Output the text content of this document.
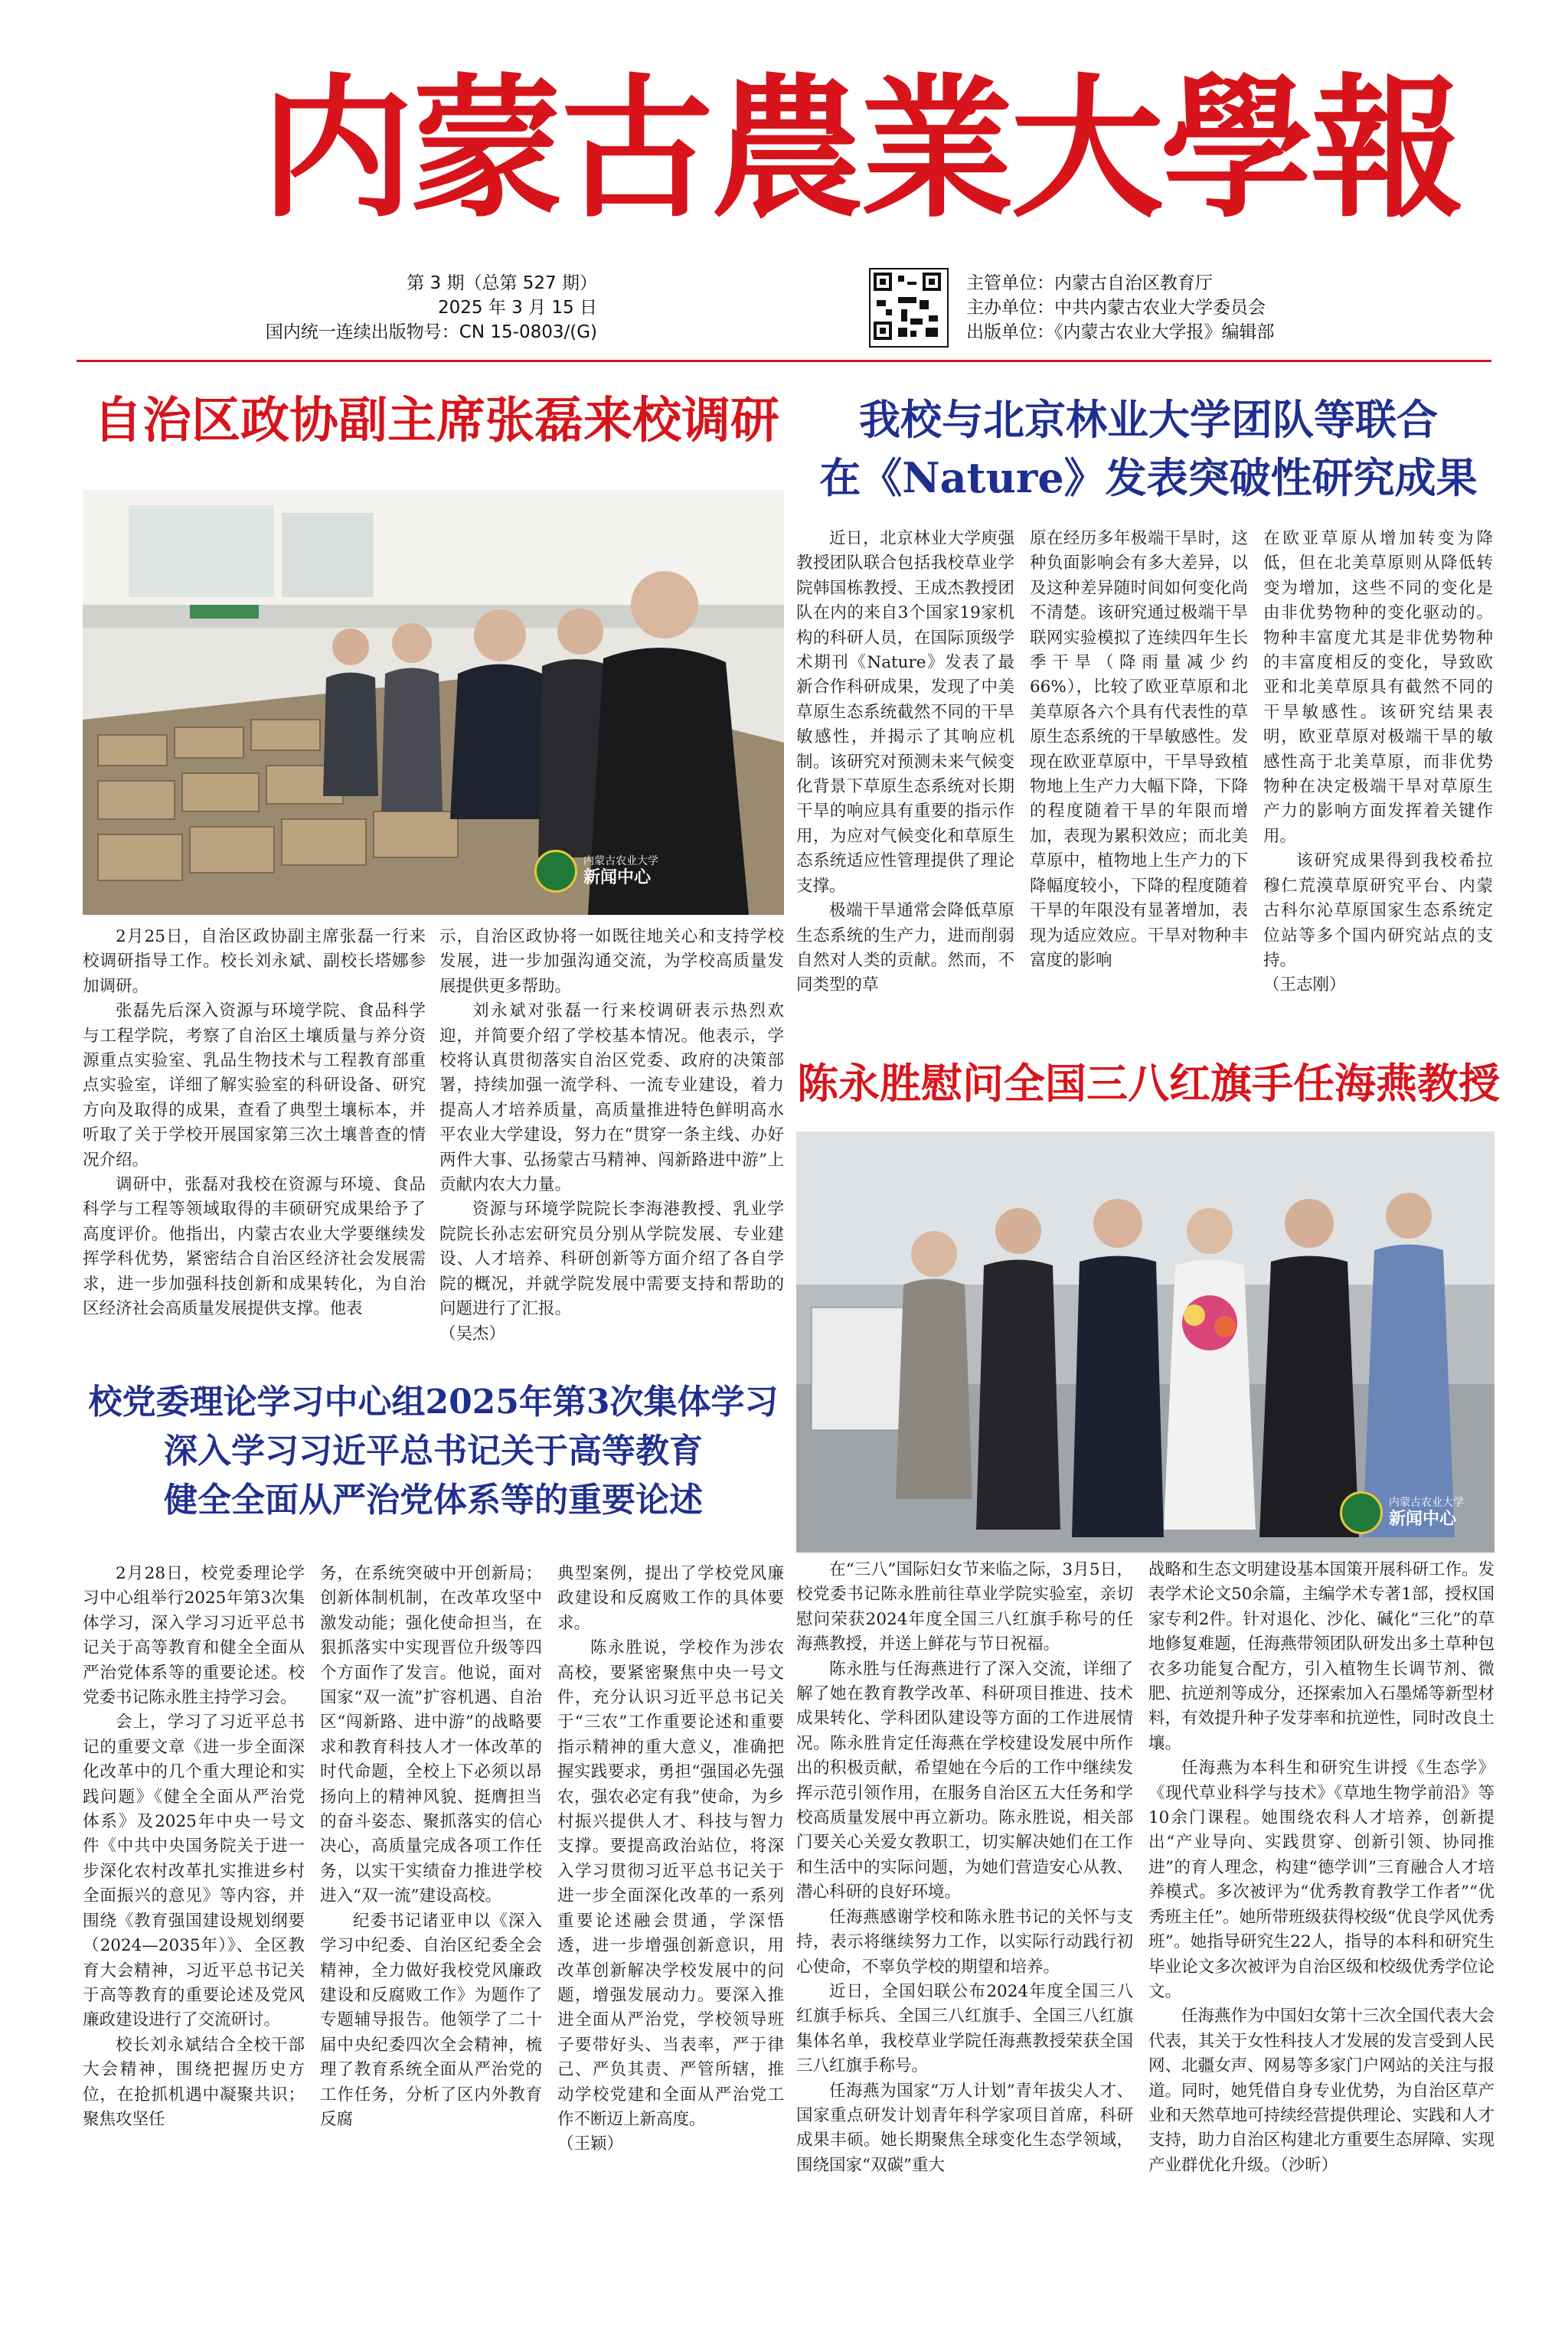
内蒙古農業大學報
第 3 期（总第 527 期）
2025 年 3 月 15 日
国内统一连续出版物号：CN 15-0803/(G)
主管单位：内蒙古自治区教育厅
主办单位：中共内蒙古农业大学委员会
出版单位：《内蒙古农业大学报》编辑部
自治区政协副主席张磊来校调研
内蒙古农业大学
新闻中心

2月25日，自治区政协副主席张磊一行来校调研指导工作。校长刘永斌、副校长塔娜参加调研。

张磊先后深入资源与环境学院、食品科学与工程学院，考察了自治区土壤质量与养分资源重点实验室、乳品生物技术与工程教育部重点实验室，详细了解实验室的科研设备、研究方向及取得的成果，查看了典型土壤标本，并听取了关于学校开展国家第三次土壤普查的情况介绍。

调研中，张磊对我校在资源与环境、食品科学与工程等领域取得的丰硕研究成果给予了高度评价。他指出，内蒙古农业大学要继续发挥学科优势，紧密结合自治区经济社会发展需求，进一步加强科技创新和成果转化，为自治区经济社会高质量发展提供支撑。他表

示，自治区政协将一如既往地关心和支持学校发展，进一步加强沟通交流，为学校高质量发展提供更多帮助。

刘永斌对张磊一行来校调研表示热烈欢迎，并简要介绍了学校基本情况。他表示，学校将认真贯彻落实自治区党委、政府的决策部署，持续加强一流学科、一流专业建设，着力提高人才培养质量，高质量推进特色鲜明高水平农业大学建设，努力在“贯穿一条主线、办好两件大事、弘扬蒙古马精神、闯新路进中游”上贡献内农大力量。

资源与环境学院院长李海港教授、乳业学院院长孙志宏研究员分别从学院发展、专业建设、人才培养、科研创新等方面介绍了各自学院的概况，并就学院发展中需要支持和帮助的问题进行了汇报。

（吴杰）

我校与北京林业大学团队等联合
在《Nature》发表突破性研究成果

近日，北京林业大学庾强教授团队联合包括我校草业学院韩国栋教授、王成杰教授团队在内的来自3个国家19家机构的科研人员，在国际顶级学术期刊《Nature》发表了最新合作科研成果，发现了中美草原生态系统截然不同的干旱敏感性，并揭示了其响应机制。该研究对预测未来气候变化背景下草原生态系统对长期干旱的响应具有重要的指示作用，为应对气候变化和草原生态系统适应性管理提供了理论支撑。

极端干旱通常会降低草原生态系统的生产力，进而削弱自然对人类的贡献。然而，不同类型的草

原在经历多年极端干旱时，这种负面影响会有多大差异，以及这种差异随时间如何变化尚不清楚。该研究通过极端干旱联网实验模拟了连续四年生长季干旱（降雨量减少约66%），比较了欧亚草原和北美草原各六个具有代表性的草原生态系统的干旱敏感性。发现在欧亚草原中，干旱导致植物地上生产力大幅下降，下降的程度随着干旱的年限而增加，表现为累积效应；而北美草原中，植物地上生产力的下降幅度较小，下降的程度随着干旱的年限没有显著增加，表现为适应效应。干旱对物种丰富度的影响

在欧亚草原从增加转变为降低，但在北美草原则从降低转变为增加，这些不同的变化是由非优势物种的变化驱动的。物种丰富度尤其是非优势物种的丰富度相反的变化，导致欧亚和北美草原具有截然不同的干旱敏感性。该研究结果表明，欧亚草原对极端干旱的敏感性高于北美草原，而非优势物种在决定极端干旱对草原生产力的影响方面发挥着关键作用。

该研究成果得到我校希拉穆仁荒漠草原研究平台、内蒙古科尔沁草原国家生态系统定位站等多个国内研究站点的支持。

（王志刚）

陈永胜慰问全国三八红旗手任海燕教授
内蒙古农业大学
新闻中心

在“三八”国际妇女节来临之际，3月5日，校党委书记陈永胜前往草业学院实验室，亲切慰问荣获2024年度全国三八红旗手称号的任海燕教授，并送上鲜花与节日祝福。

陈永胜与任海燕进行了深入交流，详细了解了她在教育教学改革、科研项目推进、技术成果转化、学科团队建设等方面的工作进展情况。陈永胜肯定任海燕在学校建设发展中所作出的积极贡献，希望她在今后的工作中继续发挥示范引领作用，在服务自治区五大任务和学校高质量发展中再立新功。陈永胜说，相关部门要关心关爱女教职工，切实解决她们在工作和生活中的实际问题，为她们营造安心从教、潜心科研的良好环境。

任海燕感谢学校和陈永胜书记的关怀与支持，表示将继续努力工作，以实际行动践行初心使命，不辜负学校的期望和培养。

近日，全国妇联公布2024年度全国三八红旗手标兵、全国三八红旗手、全国三八红旗集体名单，我校草业学院任海燕教授荣获全国三八红旗手称号。

任海燕为国家“万人计划”青年拔尖人才、国家重点研发计划青年科学家项目首席，科研成果丰硕。她长期聚焦全球变化生态学领域，围绕国家“双碳”重大

战略和生态文明建设基本国策开展科研工作。发表学术论文50余篇，主编学术专著1部，授权国家专利2件。针对退化、沙化、碱化“三化”的草地修复难题，任海燕带领团队研发出多土草种包衣多功能复合配方，引入植物生长调节剂、微肥、抗逆剂等成分，还探索加入石墨烯等新型材料，有效提升种子发芽率和抗逆性，同时改良土壤。

任海燕为本科生和研究生讲授《生态学》《现代草业科学与技术》《草地生物学前沿》等10余门课程。她围绕农科人才培养，创新提出“产业导向、实践贯穿、创新引领、协同推进”的育人理念，构建“德学训”三育融合人才培养模式。多次被评为“优秀教育教学工作者”“优秀班主任”。她所带班级获得校级“优良学风优秀班”。她指导研究生22人，指导的本科和研究生毕业论文多次被评为自治区级和校级优秀学位论文。

任海燕作为中国妇女第十三次全国代表大会代表，其关于女性科技人才发展的发言受到人民网、北疆女声、网易等多家门户网站的关注与报道。同时，她凭借自身专业优势，为自治区草产业和天然草地可持续经营提供理论、实践和人才支持，助力自治区构建北方重要生态屏障、实现产业群优化升级。（沙昕）

校党委理论学习中心组2025年第3次集体学习
深入学习习近平总书记关于高等教育
健全全面从严治党体系等的重要论述

2月28日，校党委理论学习中心组举行2025年第3次集体学习，深入学习习近平总书记关于高等教育和健全全面从严治党体系等的重要论述。校党委书记陈永胜主持学习会。

会上，学习了习近平总书记的重要文章《进一步全面深化改革中的几个重大理论和实践问题》《健全全面从严治党体系》及2025年中央一号文件《中共中央国务院关于进一步深化农村改革扎实推进乡村全面振兴的意见》等内容，并围绕《教育强国建设规划纲要（2024—2035年）》、全区教育大会精神，习近平总书记关于高等教育的重要论述及党风廉政建设进行了交流研讨。

校长刘永斌结合全校干部大会精神，围绕把握历史方位，在抢抓机遇中凝聚共识；聚焦攻坚任

务，在系统突破中开创新局；创新体制机制，在改革攻坚中激发动能；强化使命担当，在狠抓落实中实现晋位升级等四个方面作了发言。他说，面对国家“双一流”扩容机遇、自治区“闯新路、进中游”的战略要求和教育科技人才一体改革的时代命题，全校上下必须以昂扬向上的精神风貌、挺膺担当的奋斗姿态、聚抓落实的信心决心，高质量完成各项工作任务，以实干实绩奋力推进学校进入“双一流”建设高校。

纪委书记诸亚申以《深入学习中纪委、自治区纪委全会精神，全力做好我校党风廉政建设和反腐败工作》为题作了专题辅导报告。他领学了二十届中央纪委四次全会精神，梳理了教育系统全面从严治党的工作任务，分析了区内外教育反腐

典型案例，提出了学校党风廉政建设和反腐败工作的具体要求。

陈永胜说，学校作为涉农高校，要紧密聚焦中央一号文件，充分认识习近平总书记关于“三农”工作重要论述和重要指示精神的重大意义，准确把握实践要求，勇担“强国必先强农，强农必定有我”使命，为乡村振兴提供人才、科技与智力支撑。要提高政治站位，将深入学习贯彻习近平总书记关于进一步全面深化改革的一系列重要论述融会贯通，学深悟透，进一步增强创新意识，用改革创新解决学校发展中的问题，增强发展动力。要深入推进全面从严治党，学校领导班子要带好头、当表率，严于律己、严负其责、严管所辖，推动学校党建和全面从严治党工作不断迈上新高度。

（王颖）
